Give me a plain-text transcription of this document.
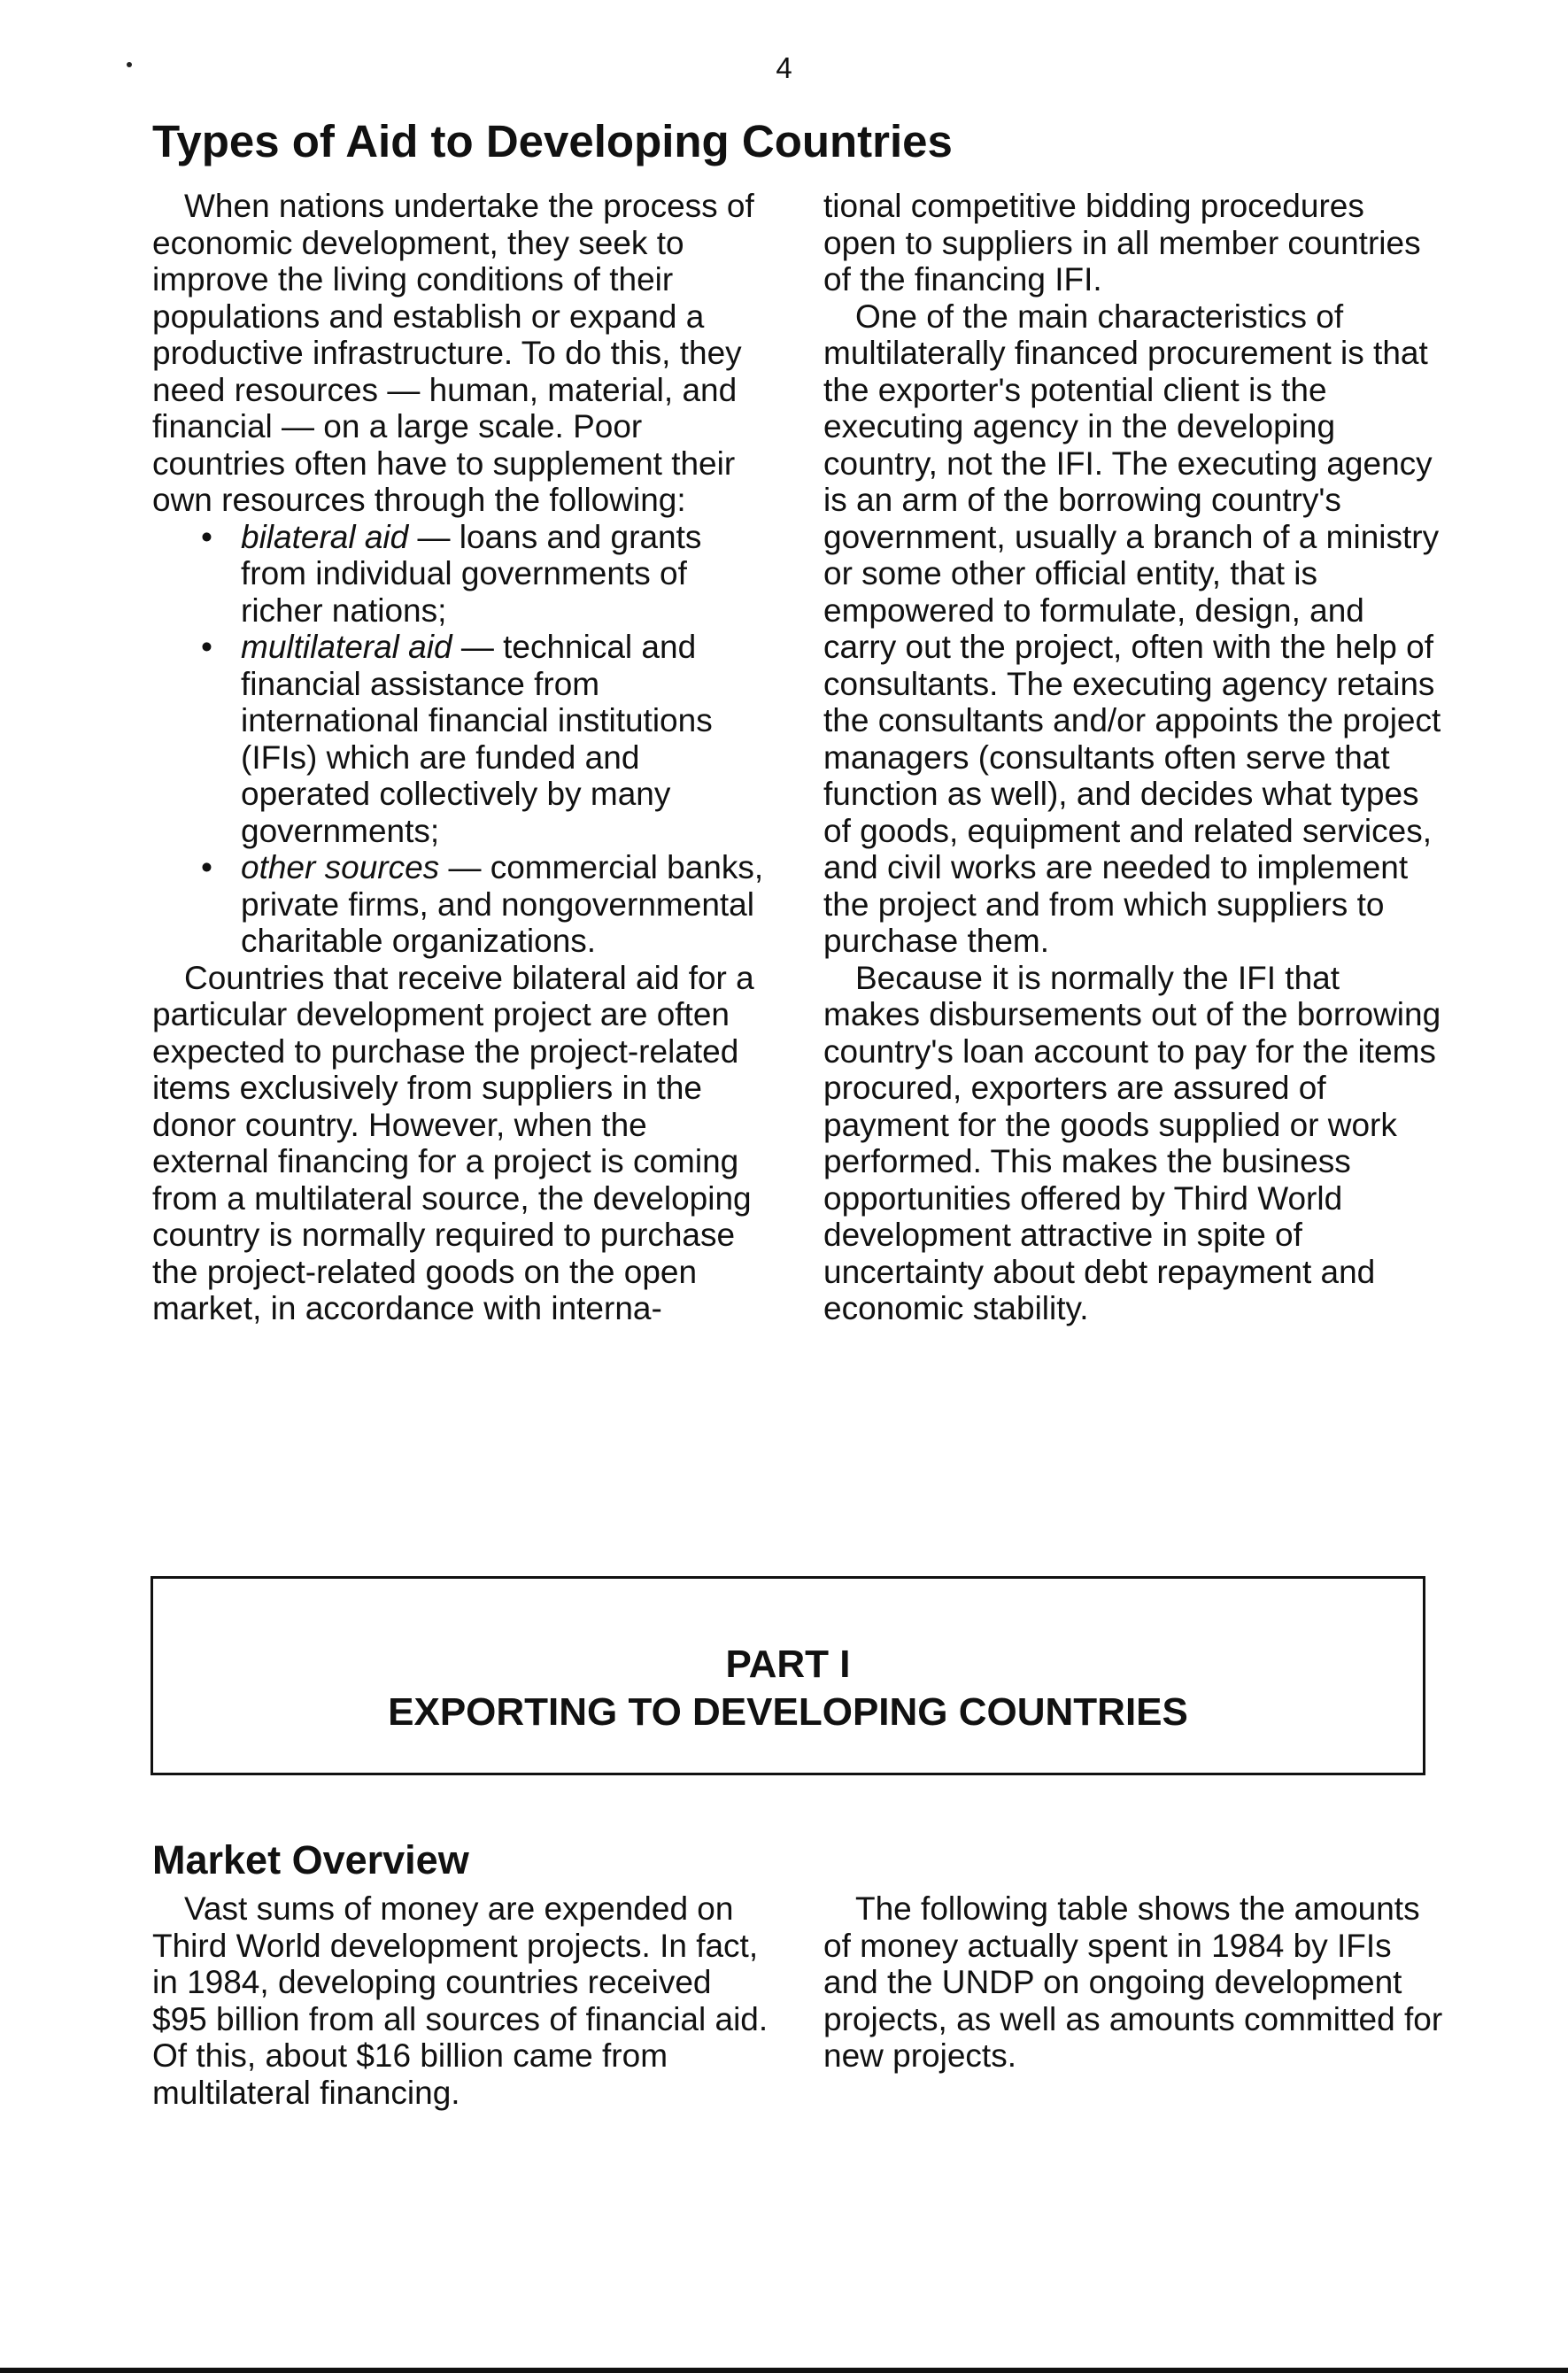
4
Types of Aid to Developing Countries

When nations undertake the process of economic development, they seek to improve the living conditions of their populations and establish or expand a productive infrastructure. To do this, they need resources — human, material, and financial — on a large scale. Poor countries often have to supplement their own resources through the following:

• bilateral aid — loans and grants from individual governments of richer nations;
• multilateral aid — technical and financial assistance from international financial institutions (IFIs) which are funded and operated collectively by many governments;
• other sources — commercial banks, private firms, and nongovernmental charitable organizations.

Countries that receive bilateral aid for a particular development project are often expected to purchase the project-related items exclusively from suppliers in the donor country. However, when the external financing for a project is coming from a multilateral source, the developing country is normally required to purchase the project-related goods on the open market, in accordance with interna-

tional competitive bidding procedures open to suppliers in all member countries of the financing IFI.

One of the main characteristics of multilaterally financed procurement is that the exporter's potential client is the executing agency in the developing country, not the IFI. The executing agency is an arm of the borrowing country's government, usually a branch of a ministry or some other official entity, that is empowered to formulate, design, and carry out the project, often with the help of consultants. The executing agency retains the consultants and/or appoints the project managers (consultants often serve that function as well), and decides what types of goods, equipment and related services, and civil works are needed to implement the project and from which suppliers to purchase them.

Because it is normally the IFI that makes disbursements out of the borrowing country's loan account to pay for the items procured, exporters are assured of payment for the goods supplied or work performed. This makes the business opportunities offered by Third World development attractive in spite of uncertainty about debt repayment and economic stability.

PART I
EXPORTING TO DEVELOPING COUNTRIES
Market Overview

Vast sums of money are expended on Third World development projects. In fact, in 1984, developing countries received $95 billion from all sources of financial aid. Of this, about $16 billion came from multilateral financing.

The following table shows the amounts of money actually spent in 1984 by IFIs and the UNDP on ongoing development projects, as well as amounts committed for new projects.
